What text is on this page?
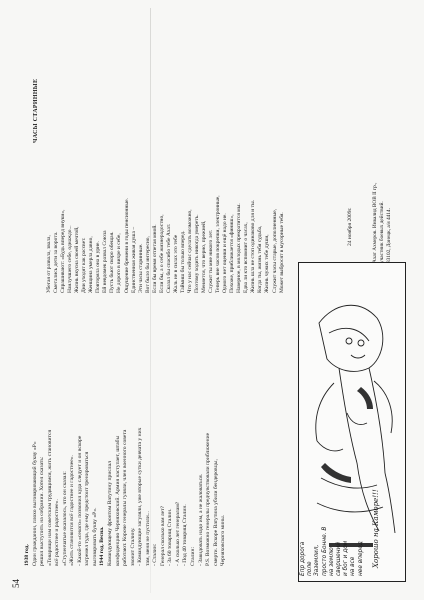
54
1938 год. Один гражданин, плохо выговаривающий букву «Р» решил выступить на собрании. Хотел сказать: «Товарищи нам советским трудящимся, жить становится всё радостнее и радостнее». «Ступенчатые оказалось, что он сказал: «Жить становится всё гадостнее и гадостнее». - Какой-то «секого» позвонил куда следует и он вскоре загремел туда, где ему предстоит тренироваться выговаривать букву «Р». 1944 год. Весна. Командующему фронтом Ватутину прислал конфиденцию Черняховский. Армия наступает, штабы работают. Короче генералы гуляли, член военного совета звонит Сталину. - Командующие загуляли, уже вторые сутки девчата у них там, меня не пустили... - Сталин: Генерал сколько вам лет? - За 60 товарищ Сталин. - А сколько лет генералам? - Под 40 товарищ Сталин. Сталин: - Завидовать надо им, а не жаловаться. P.S. Возможно генералы предчувствовали приближение смерти. Вскоре Ватутина убили бендеровцы, Черняховского мины.	Хорошо на Каморе!!!
Епр дорога поле Заземлил, просто Бонне. В на землю свершений и бог и дом на все нее вперед
ЧАСЫ СТАРИННЫЕ
Убегая от развала, звала, Сметались дети за ворота. Спрашивают: «Будь вперед внуки», Наилучшего себе, однаждо... Жизнь вкусна своей мечтой, Дни уходят как рассвет. Женщина умерла давно, Повторяла она в урне. Ей невдомек развал Союза Пусть бьют скоро обещая. Не дорого в вихре и себе, Ощущение бремени в годы пенсионные. Единственная живая душа – Эти часы старинные. Вот было бы интересно, Если бы время отпетая мной. Если бы, а о себе жизнерадостно, Сказал бы спасибо тебе Ахат. Жаль не в силах это тебе Таймиш бы только вперед. Что у нас сейчас сделать возможно, Поэтому ходить никогда умереть. Меняется, что верно, прежней, Служит ты мне никого лет. Теперь вне часов покрепки, электронные, Одного нет оценки и ещё надо не. Похоже, приближается «финиш», Наверное, в молодых прекратится мы. Едва ли кто вспомнит о часах, Жизнь шла не стоп одинаково для и ты. Когда ты, жизнь тебя судьба, Жизнь чужих тебе души, Служит часы старые, дополненные, Может выбросят в мусорные тебя.	24 ноября 2009г.	Ахат Ахмеров. Инвалид ВОВ II гр., участник боевых действий. 83102, Донецк, а/я 4414.
